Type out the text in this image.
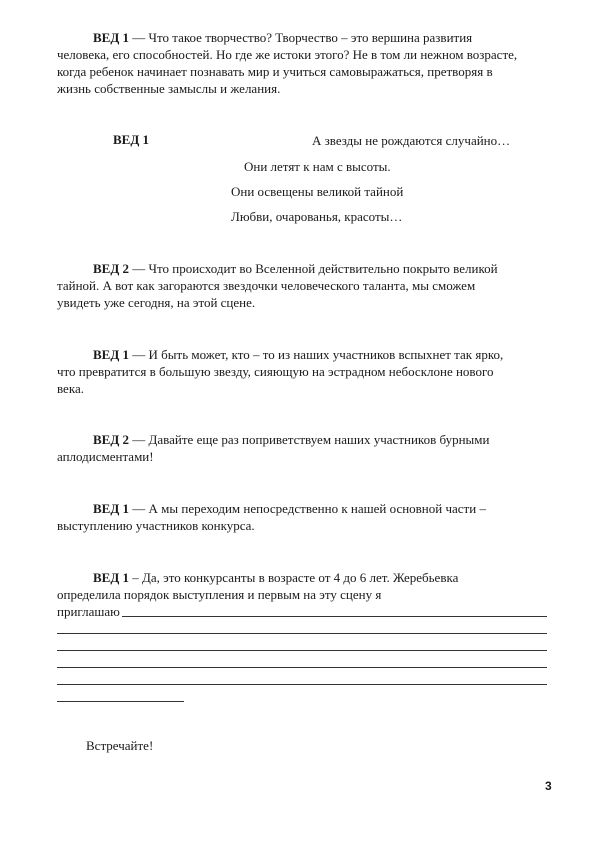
ВЕД 1 — Что такое творчество? Творчество – это вершина развития
человека, его способностей. Но где же истоки этого? Не в том ли нежном возрасте,
когда ребенок начинает познавать мир и учиться самовыражаться, претворяя в
жизнь собственные замыслы и желания.
ВЕД 1	А звезды не рождаются случайно…
Они летят к нам с высоты.
Они освещены великой тайной
Любви, очарованья, красоты…
ВЕД 2 — Что происходит во Вселенной действительно покрыто великой
тайной. А вот как загораются звездочки человеческого таланта, мы сможем
увидеть уже сегодня, на этой сцене.
ВЕД 1 — И быть может, кто – то из наших участников вспыхнет так ярко,
что превратится в большую звезду, сияющую на эстрадном небосклоне нового
века.
ВЕД 2 — Давайте еще раз поприветствуем наших участников бурными
аплодисментами!
ВЕД 1 — А мы переходим непосредственно к нашей основной части –
выступлению участников конкурса.
ВЕД 1 – Да, это конкурсанты в возрасте от 4 до 6 лет. Жеребьевка
определила порядок выступления и первым на эту сцену я
приглашаю
Встречайте!
3
